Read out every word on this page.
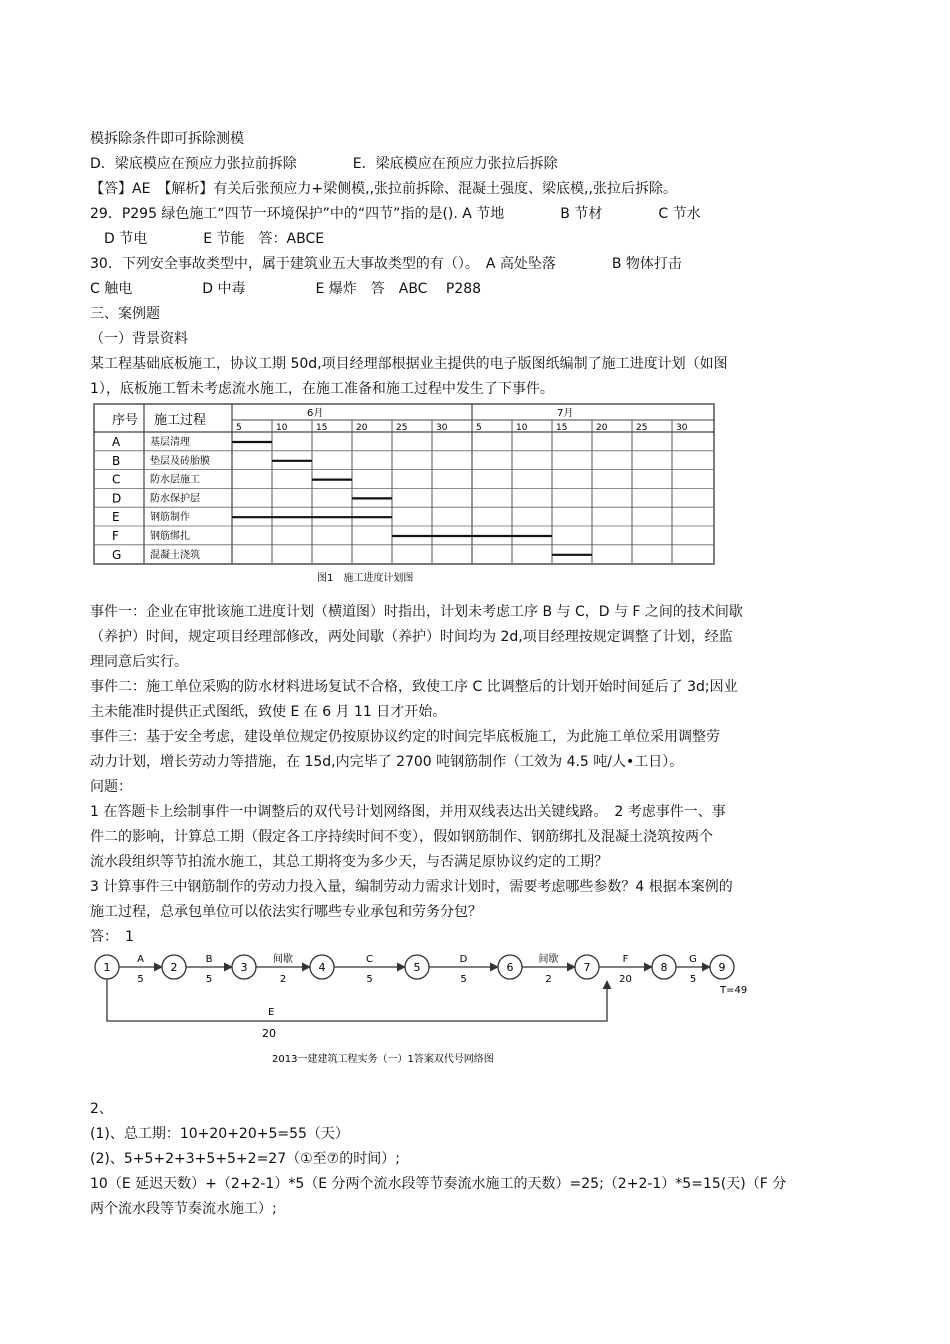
模拆除条件即可拆除测模
D．梁底模应在预应力张拉前拆除　　　　E．梁底模应在预应力张拉后拆除
【答】AE　【解析】有关后张预应力+梁侧模,,张拉前拆除、混凝土强度、梁底模,,张拉后拆除。
29．P295 绿色施工“四节一环境保护”中的“四节”指的是(). A 节地　　　　B 节材　　　　C 节水
　D 节电　　　　E 节能　答：ABCE
30．下列安全事故类型中，属于建筑业五大事故类型的有（）。　A 高处坠落　　　　B 物体打击
C 触电　　　　　D 中毒　　　　　E 爆炸　答　ABC　 P288
三、案例题
（一）背景资料
某工程基础底板施工，协议工期 50d,项目经理部根据业主提供的电子版图纸编制了施工进度计划（如图
1），底板施工暂未考虑流水施工，在施工准备和施工过程中发生了下事件。
序号 施工过程	6月	7月
5	10	15	20	25	30	5	10	15	20	25	30
A	基层清理
B	垫层及砖胎膜
C	防水层施工
D	防水保护层
E	钢筋制作
F	钢筋绑扎
G	混凝土浇筑
图1　施工进度计划图
事件一：企业在审批该施工进度计划（横道图）时指出，计划未考虑工序 B 与 C，D 与 F 之间的技术间歇
（养护）时间，规定项目经理部修改，两处间歇（养护）时间均为 2d,项目经理按规定调整了计划，经监
理同意后实行。
事件二：施工单位采购的防水材料进场复试不合格，致使工序 C 比调整后的计划开始时间延后了 3d;因业
主未能准时提供正式图纸，致使 E 在 6 月 11 日才开始。
事件三：基于安全考虑，建设单位规定仍按原协议约定的时间完毕底板施工，为此施工单位采用调整劳
动力计划，增长劳动力等措施，在 15d,内完毕了 2700 吨钢筋制作（工效为 4.5 吨/人•工日）。
问题：
1 在答题卡上绘制事件一中调整后的双代号计划网络图，并用双线表达出关键线路。　2 考虑事件一、事
件二的影响，计算总工期（假定各工序持续时间不变），假如钢筋制作、钢筋绑扎及混凝土浇筑按两个
流水段组织等节拍流水施工，其总工期将变为多少天，与否满足原协议约定的工期？
3 计算事件三中钢筋制作的劳动力投入量，编制劳动力需求计划时，需要考虑哪些参数？4 根据本案例的
施工过程，总承包单位可以依法实行哪些专业承包和劳务分包？
答：　1
A
5
B
5
间歇
2
C
5
D
5
间歇
2
F
20
G
5
1	2	3	4	5	6	7	8	9
E
20
T=49
2013一建建筑工程实务（一）1答案双代号网络图
2、
(1)、总工期：10+20+20+5=55（天）
(2)、5+5+2+3+5+5+2=27（①至⑦的时间）;
10（E 延迟天数）+（2+2-1）*5（E 分两个流水段等节奏流水施工的天数）=25;（2+2-1）*5=15(天)（F 分
两个流水段等节奏流水施工）;
